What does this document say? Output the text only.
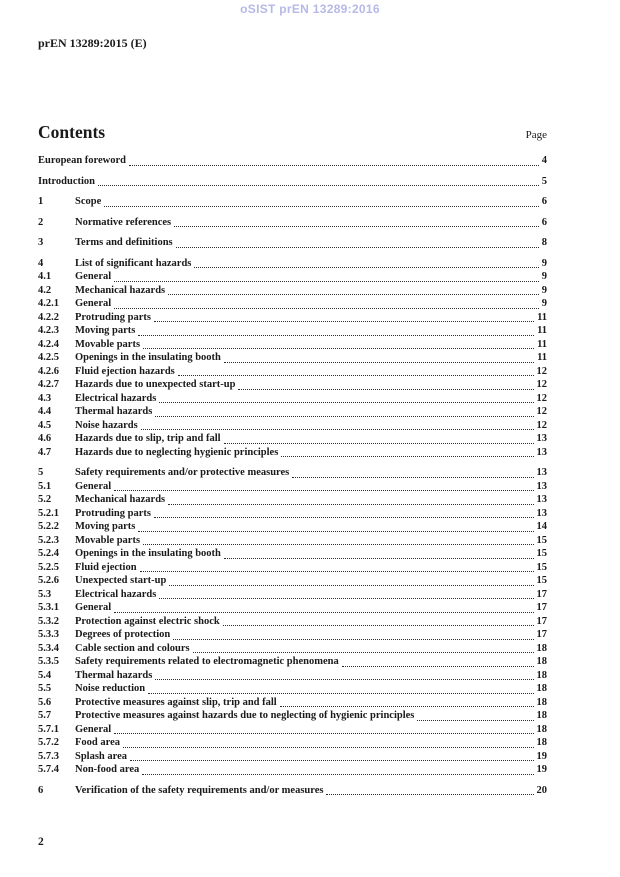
oSIST prEN 13289:2016
prEN 13289:2015 (E)
Contents	Page
European foreword	4
Introduction	5
1	Scope	6
2	Normative references	6
3	Terms and definitions	8
4	List of significant hazards	9
4.1	General	9
4.2	Mechanical hazards	9
4.2.1	General	9
4.2.2	Protruding parts	11
4.2.3	Moving parts	11
4.2.4	Movable parts	11
4.2.5	Openings in the insulating booth	11
4.2.6	Fluid ejection hazards	12
4.2.7	Hazards due to unexpected start-up	12
4.3	Electrical hazards	12
4.4	Thermal hazards	12
4.5	Noise hazards	12
4.6	Hazards due to slip, trip and fall	13
4.7	Hazards due to neglecting hygienic principles	13
5	Safety requirements and/or protective measures	13
5.1	General	13
5.2	Mechanical hazards	13
5.2.1	Protruding parts	13
5.2.2	Moving parts	14
5.2.3	Movable parts	15
5.2.4	Openings in the insulating booth	15
5.2.5	Fluid ejection	15
5.2.6	Unexpected start-up	15
5.3	Electrical hazards	17
5.3.1	General	17
5.3.2	Protection against electric shock	17
5.3.3	Degrees of protection	17
5.3.4	Cable section and colours	18
5.3.5	Safety requirements related to electromagnetic phenomena	18
5.4	Thermal hazards	18
5.5	Noise reduction	18
5.6	Protective measures against slip, trip and fall	18
5.7	Protective measures against hazards due to neglecting of hygienic principles	18
5.7.1	General	18
5.7.2	Food area	18
5.7.3	Splash area	19
5.7.4	Non-food area	19
6	Verification of the safety requirements and/or measures	20
2
